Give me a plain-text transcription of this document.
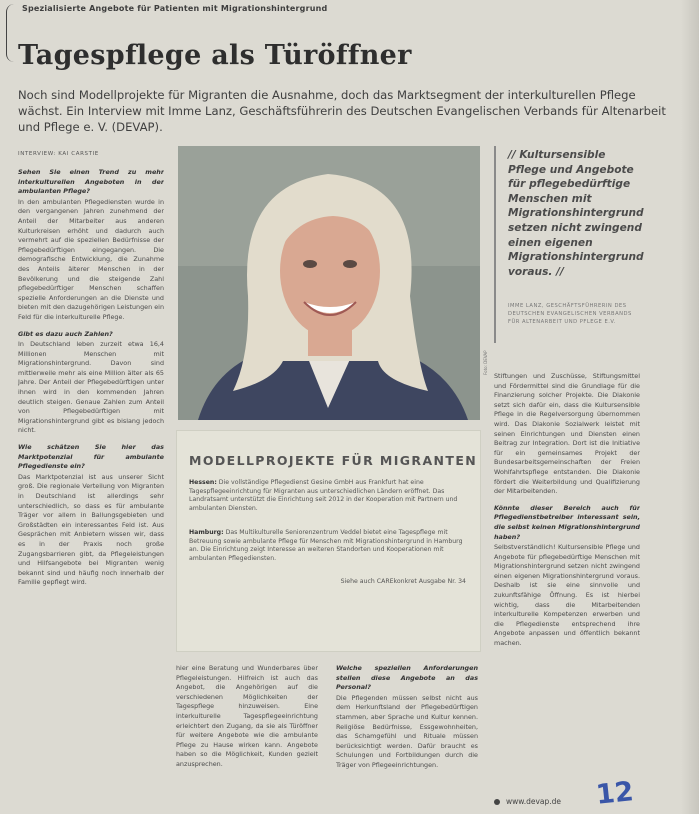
Spezialisierte Angebote für Patienten mit Migrationshintergrund
Tagespflege als Türöffner

Noch sind Modellprojekte für Migranten die Ausnahme, doch das Marktsegment der interkulturellen Pflege wächst. Ein Interview mit Imme Lanz, Geschäftsführerin des Deutschen Evangelischen Verbands für Altenarbeit und Pflege e. V. (DEVAP).

INTERVIEW: KAI CARSTIE

Sehen Sie einen Trend zu mehr interkulturellen Angeboten in der ambulanten Pflege?

In den ambulanten Pflegediensten wurde in den vergangenen Jahren zunehmend der Anteil der Mitarbeiter aus anderen Kulturkreisen erhöht und dadurch auch vermehrt auf die speziellen Bedürfnisse der Pflegebedürftigen eingegangen. Die demografische Entwicklung, die Zunahme des Anteils älterer Menschen in der Bevölkerung und die steigende Zahl pflegebedürftiger Menschen schaffen spezielle Anforderungen an die Dienste und bieten mit den dazugehörigen Leistungen ein Feld für die interkulturelle Pflege.

Gibt es dazu auch Zahlen?

In Deutschland leben zurzeit etwa 16,4 Millionen Menschen mit Migrationshintergrund. Davon sind mittlerweile mehr als eine Million älter als 65 Jahre. Der Anteil der Pflegebedürftigen unter ihnen wird in den kommenden Jahren deutlich steigen. Genaue Zahlen zum Anteil von Pflegebedürftigen mit Migrationshintergrund gibt es bislang jedoch nicht.

Wie schätzen Sie hier das Marktpotenzial für ambulante Pflegedienste ein?

Das Marktpotenzial ist aus unserer Sicht groß. Die regionale Verteilung von Migranten in Deutschland ist allerdings sehr unterschiedlich, so dass es für ambulante Träger vor allem in Ballungsgebieten und Großstädten ein interessantes Feld ist. Aus Gesprächen mit Anbietern wissen wir, dass es in der Praxis noch große Zugangsbarrieren gibt, da Pflegeleistungen und Hilfsangebote bei Migranten wenig bekannt sind und häufig noch innerhalb der Familie gepflegt wird.

Foto: DEVAP
// Kultursensible Pflege und Angebote für pflegebedürftige Menschen mit Migrationshintergrund setzen nicht zwingend einen eigenen Migrationshintergrund voraus. //
IMME LANZ, GESCHÄFTSFÜHRERIN DES DEUTSCHEN EVANGELISCHEN VERBANDS FÜR ALTENARBEIT UND PFLEGE E.V.
MODELLPROJEKTE FÜR MIGRANTEN
Hessen: Die vollständige Pflegedienst Gesine GmbH aus Frankfurt hat eine Tagespflegeeinrichtung für Migranten aus unterschiedlichen Ländern eröffnet. Das Landratsamt unterstützt die Einrichtung seit 2012 in der Kooperation mit Partnern und ambulanten Diensten.
Hamburg: Das Multikulturelle Seniorenzentrum Veddel bietet eine Tagespflege mit Betreuung sowie ambulante Pflege für Menschen mit Migrationshintergrund in Hamburg an. Die Einrichtung zeigt Interesse an weiteren Standorten und Kooperationen mit ambulanten Pflegediensten.
Siehe auch CAREkonkret Ausgabe Nr. 34

hier eine Beratung und Wunderbares über Pflegeleistungen. Hilfreich ist auch das Angebot, die Angehörigen auf die verschiedenen Möglichkeiten der Tagespflege hinzuweisen. Eine interkulturelle Tagespflegeeinrichtung erleichtert den Zugang, da sie als Türöffner für weitere Angebote wie die ambulante Pflege zu Hause wirken kann. Angebote haben so die Möglichkeit, Kunden gezielt anzusprechen.

Welche speziellen Anforderungen stellen diese Angebote an das Personal?

Die Pflegenden müssen selbst nicht aus dem Herkunftsland der Pflegebedürftigen stammen, aber Sprache und Kultur kennen. Religiöse Bedürfnisse, Essgewohnheiten, das Schamgefühl und Rituale müssen berücksichtigt werden. Dafür braucht es Schulungen und Fortbildungen durch die Träger von Pflegeeinrichtungen.

Stiftungen und Zuschüsse, Stiftungsmittel und Fördermittel sind die Grundlage für die Finanzierung solcher Projekte. Die Diakonie setzt sich dafür ein, dass die Kultursensible Pflege in die Regelversorgung übernommen wird. Das Diakonie Sozialwerk leistet mit seinen Einrichtungen und Diensten einen Beitrag zur Integration. Dort ist die Initiative für ein gemeinsames Projekt der Bundesarbeitsgemeinschaften der Freien Wohlfahrtspflege entstanden. Die Diakonie fördert die Weiterbildung und Qualifizierung der Mitarbeitenden.

Könnte dieser Bereich auch für Pflegedienstbetreiber interessant sein, die selbst keinen Migrationshintergrund haben?

Selbstverständlich! Kultursensible Pflege und Angebote für pflegebedürftige Menschen mit Migrationshintergrund setzen nicht zwingend einen eigenen Migrationshintergrund voraus. Deshalb ist sie eine sinnvolle und zukunftsfähige Öffnung. Es ist hierbei wichtig, dass die Mitarbeitenden interkulturelle Kompetenzen erwerben und die Pflegedienste entsprechend ihre Angebote anpassen und öffentlich bekannt machen.

www.devap.de 12
